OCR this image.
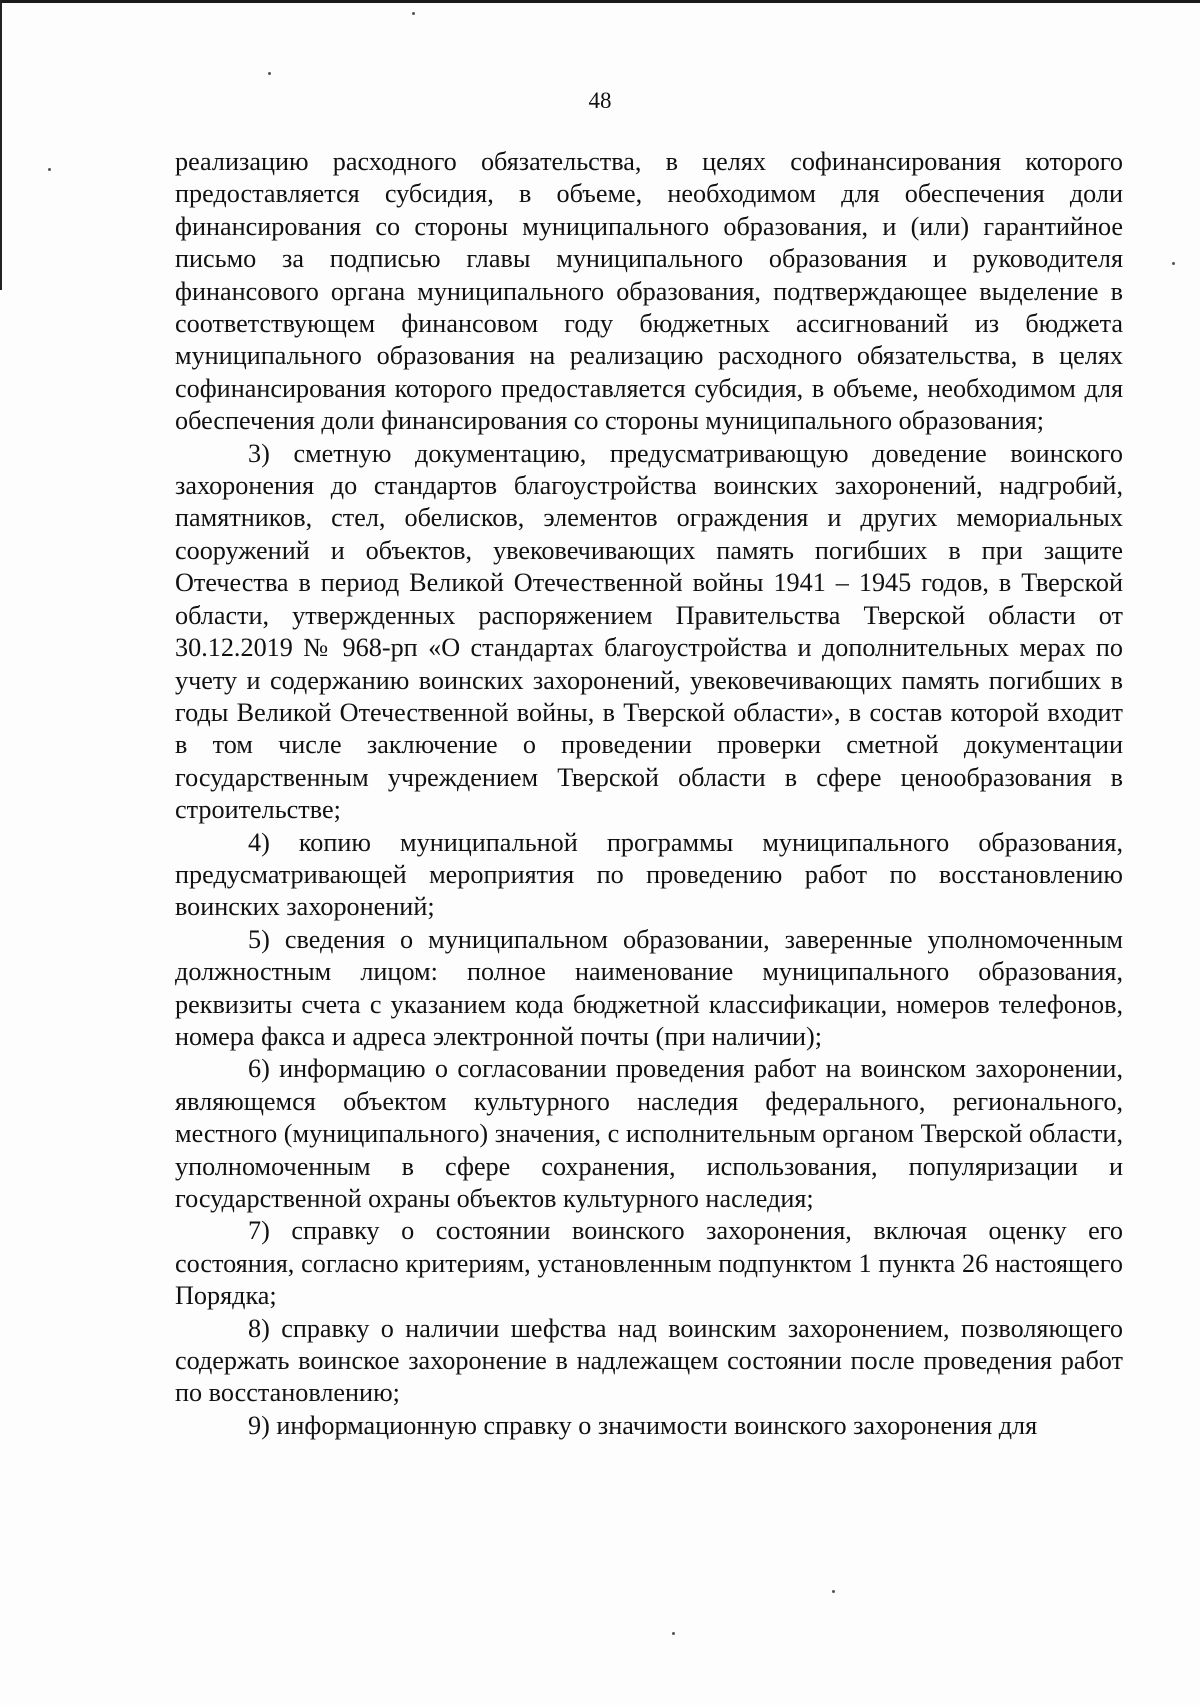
48

реализацию расходного обязательства, в целях софинансирования которого предоставляется субсидия, в объеме, необходимом для обеспечения доли финансирования со стороны муниципального образования, и (или) гарантийное письмо за подписью главы муниципального образования и руководителя финансового органа муниципального образования, подтверждающее выделение в соответствующем финансовом году бюджетных ассигнований из бюджета муниципального образования на реализацию расходного обязательства, в целях софинансирования которого предоставляется субсидия, в объеме, необходимом для обеспечения доли финансирования со стороны муниципального образования;

3) сметную документацию, предусматривающую доведение воинского захоронения до стандартов благоустройства воинских захоронений, надгробий, памятников, стел, обелисков, элементов ограждения и других мемориальных сооружений и объектов, увековечивающих память погибших в при защите Отечества в период Великой Отечественной войны 1941 – 1945 годов, в Тверской области, утвержденных распоряжением Правительства Тверской области от 30.12.2019 № 968-рп «О стандартах благоустройства и дополнительных мерах по учету и содержанию воинских захоронений, увековечивающих память погибших в годы Великой Отечественной войны, в Тверской области», в состав которой входит в том числе заключение о проведении проверки сметной документации государственным учреждением Тверской области в сфере ценообразования в строительстве;

4) копию муниципальной программы муниципального образования, предусматривающей мероприятия по проведению работ по восстановлению воинских захоронений;

5) сведения о муниципальном образовании, заверенные уполномоченным должностным лицом: полное наименование муниципального образования, реквизиты счета с указанием кода бюджетной классификации, номеров телефонов, номера факса и адреса электронной почты (при наличии);

6) информацию о согласовании проведения работ на воинском захоронении, являющемся объектом культурного наследия федерального, регионального, местного (муниципального) значения, с исполнительным органом Тверской области, уполномоченным в сфере сохранения, использования, популяризации и государственной охраны объектов культурного наследия;

7) справку о состоянии воинского захоронения, включая оценку его состояния, согласно критериям, установленным подпунктом 1 пункта 26 настоящего Порядка;

8) справку о наличии шефства над воинским захоронением, позволяющего содержать воинское захоронение в надлежащем состоянии после проведения работ по восстановлению;

9) информационную справку о значимости воинского захоронения для
